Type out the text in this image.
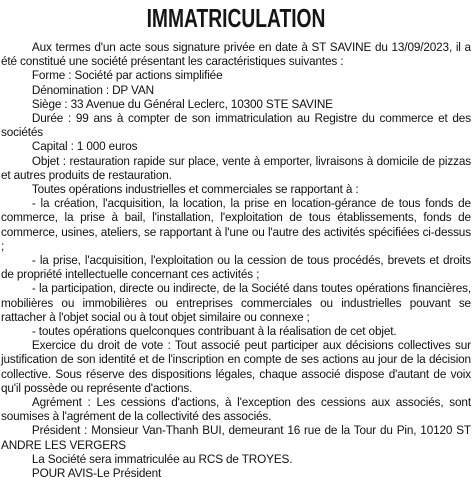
IMMATRICULATION

Aux termes d'un acte sous signature privée en date à ST SAVINE du 13/09/2023, il a été constitué une société présentant les caractéristiques suivantes :

Forme : Société par actions simplifiée

Dénomination : DP VAN

Siège : 33 Avenue du Général Leclerc, 10300 STE SAVINE

Durée : 99 ans à compter de son immatriculation au Registre du commerce et des sociétés

Capital : 1 000 euros

Objet : restauration rapide sur place, vente à emporter, livraisons à domicile de pizzas et autres produits de restauration.

Toutes opérations industrielles et commerciales se rapportant à :

- la création, l'acquisition, la location, la prise en location-gérance de tous fonds de commerce, la prise à bail, l'installation, l'exploitation de tous établissements, fonds de commerce, usines, ateliers, se rapportant à l'une ou l'autre des activités spécifiées ci-dessus ;

- la prise, l'acquisition, l'exploitation ou la cession de tous procédés, brevets et droits de propriété intellectuelle concernant ces activités ;

- la participation, directe ou indirecte, de la Société dans toutes opérations financières, mobilières ou immobilières ou entreprises commerciales ou industrielles pouvant se rattacher à l'objet social ou à tout objet similaire ou connexe ;

- toutes opérations quelconques contribuant à la réalisation de cet objet.

Exercice du droit de vote : Tout associé peut participer aux décisions collectives sur justification de son identité et de l'inscription en compte de ses actions au jour de la décision collective. Sous réserve des dispositions légales, chaque associé dispose d'autant de voix qu'il possède ou représente d'actions.

Agrément : Les cessions d'actions, à l'exception des cessions aux associés, sont soumises à l'agrément de la collectivité des associés.

Président : Monsieur Van-Thanh BUI, demeurant 16 rue de la Tour du Pin, 10120 ST ANDRE LES VERGERS

La Société sera immatriculée au RCS de TROYES.

POUR AVIS-Le Président
